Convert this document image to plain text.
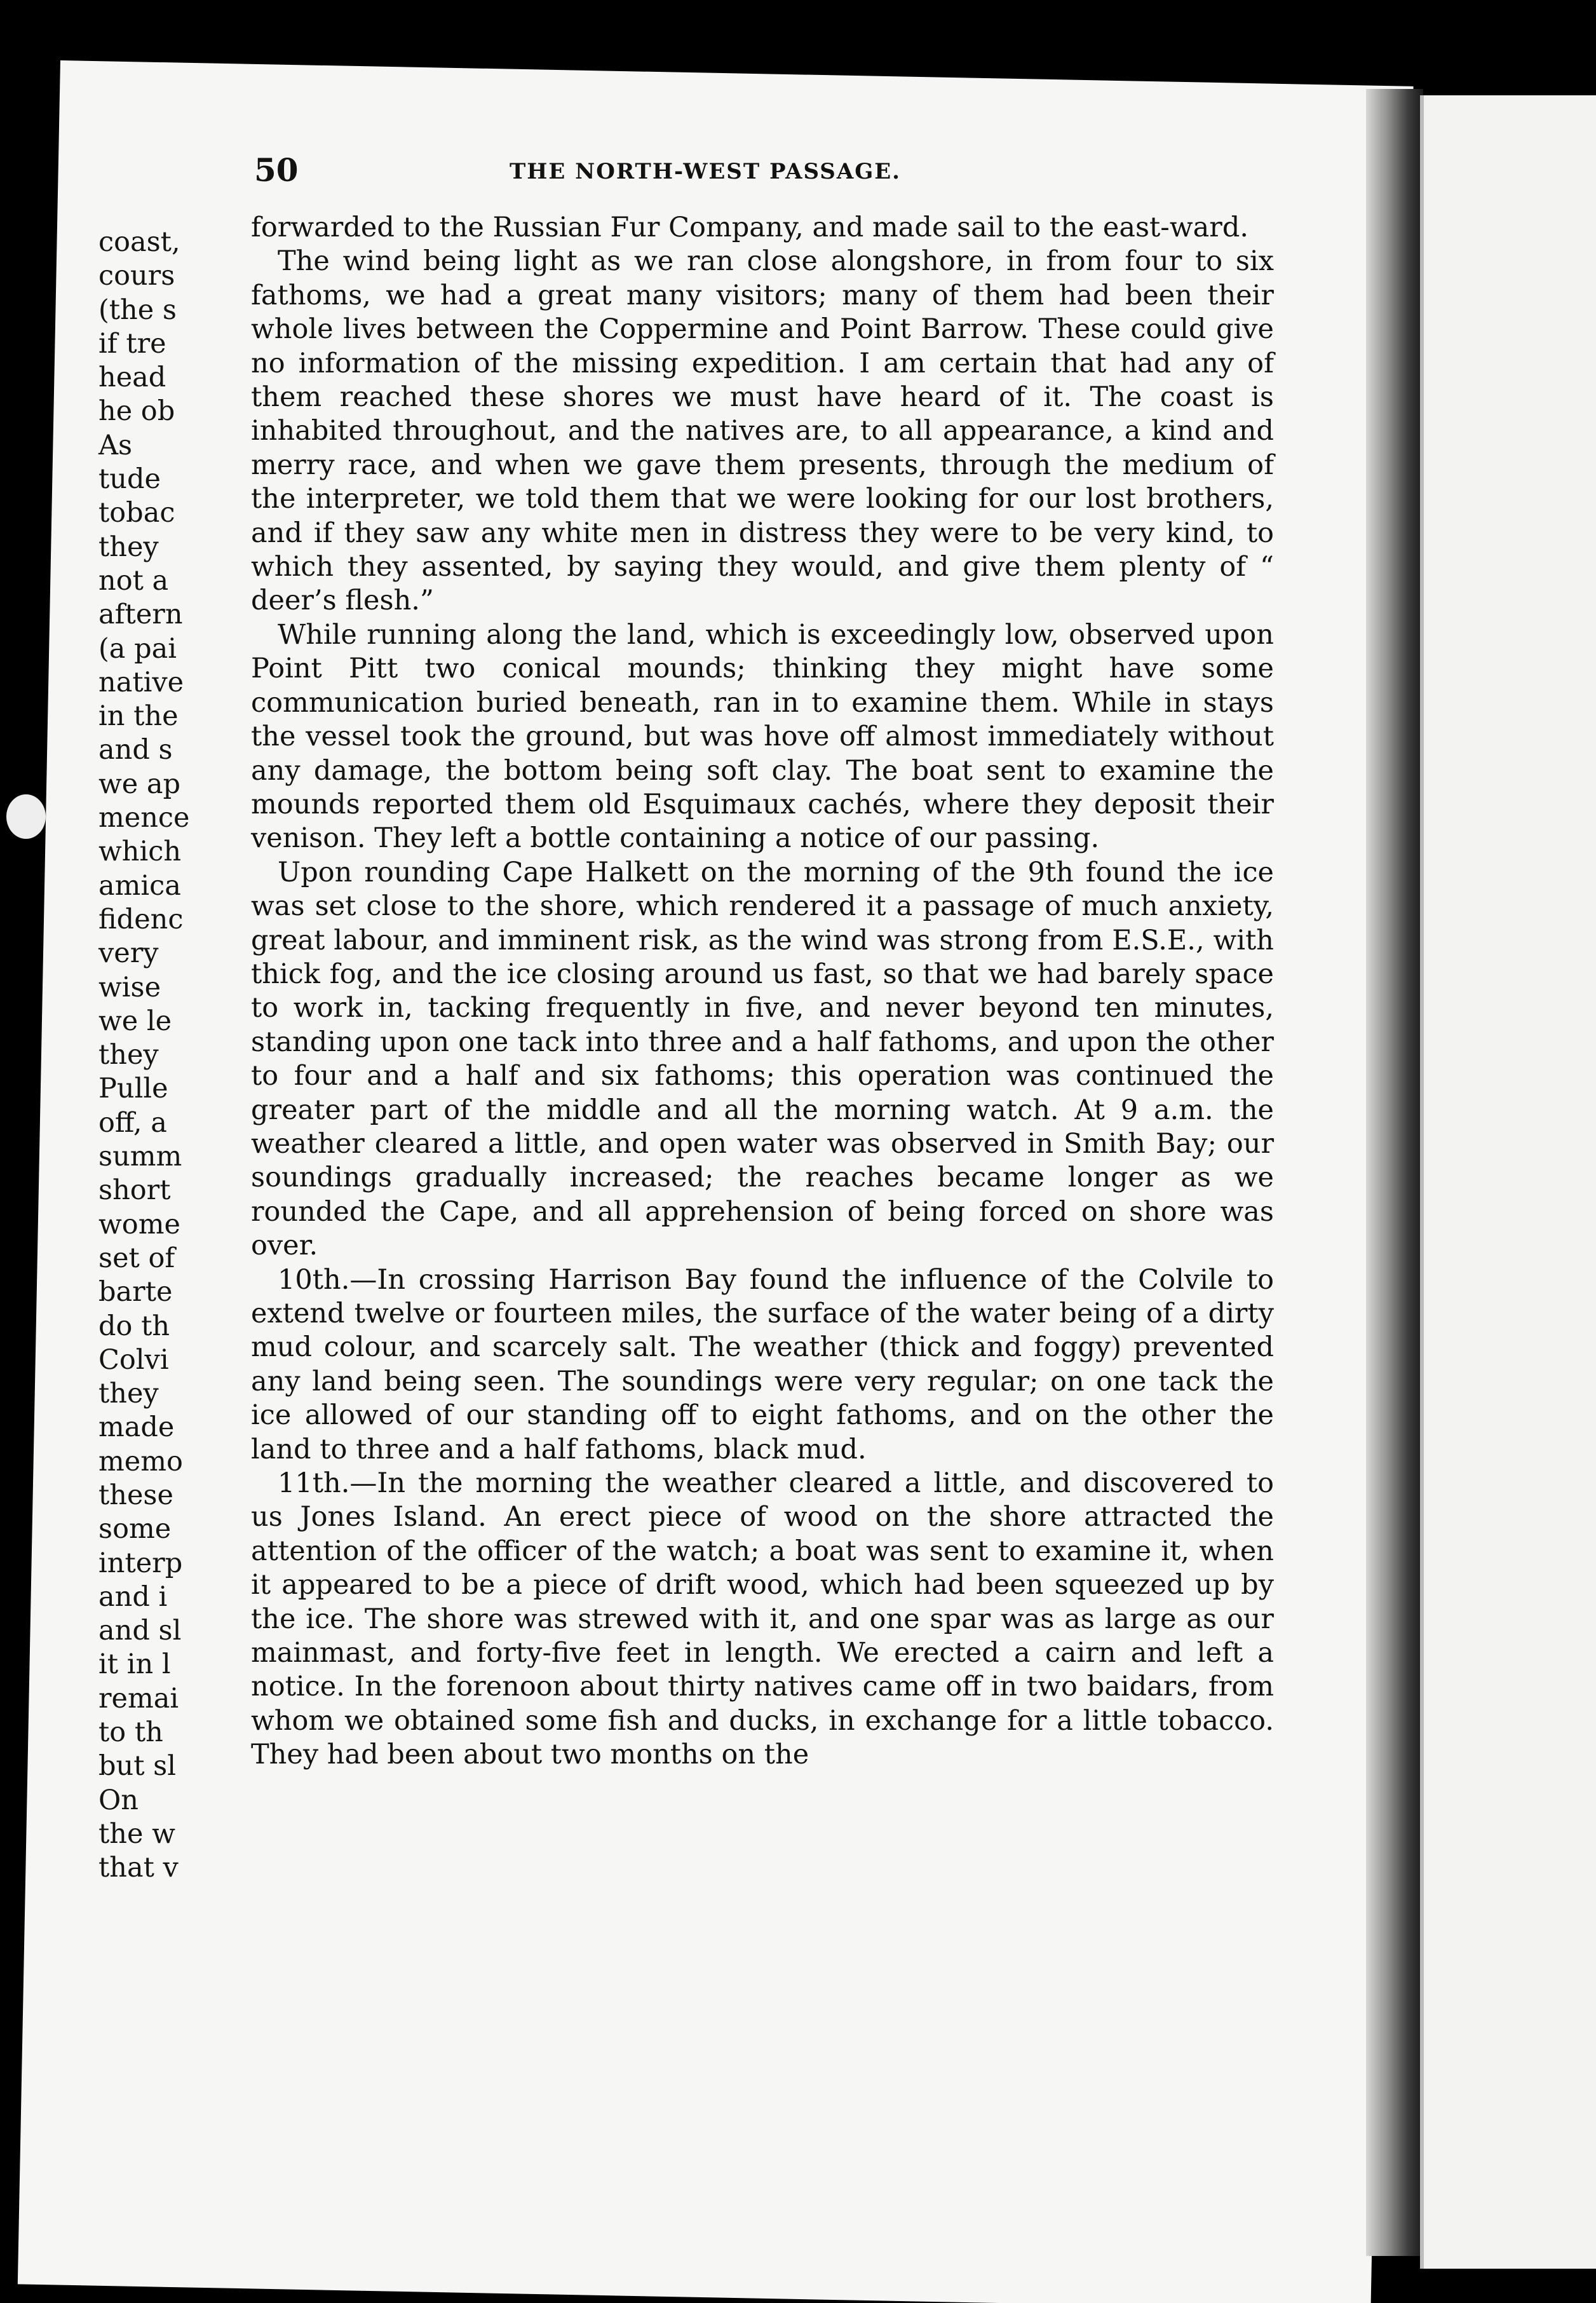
coast,
cours
(the s
if tre
head
he ob
As
tude
tobac
they
not a
aftern
(a pai
native
in the
and s
we ap
mence
which
amica
fidenc
very
wise
we le
they
Pulle
off, a
summ
short
wome
set of
barte
do th
Colvi
they
made
memo
these
some
interp
and i
and sl
it in l
remai
to th
but sl
On
the w
that v
50	THE NORTH-WEST PASSAGE.

forwarded to the Russian Fur Company, and made sail to the east-ward.

The wind being light as we ran close alongshore, in from four to six fathoms, we had a great many visitors; many of them had been their whole lives between the Coppermine and Point Barrow. These could give no information of the missing expedition. I am certain that had any of them reached these shores we must have heard of it. The coast is inhabited throughout, and the natives are, to all appearance, a kind and merry race, and when we gave them presents, through the medium of the interpreter, we told them that we were looking for our lost brothers, and if they saw any white men in distress they were to be very kind, to which they assented, by saying they would, and give them plenty of “ deer’s flesh.”

While running along the land, which is exceedingly low, observed upon Point Pitt two conical mounds; thinking they might have some communication buried beneath, ran in to examine them. While in stays the vessel took the ground, but was hove off almost immediately without any damage, the bottom being soft clay. The boat sent to examine the mounds reported them old Esquimaux cachés, where they deposit their venison. They left a bottle containing a notice of our passing.

Upon rounding Cape Halkett on the morning of the 9th found the ice was set close to the shore, which rendered it a passage of much anxiety, great labour, and imminent risk, as the wind was strong from E.S.E., with thick fog, and the ice closing around us fast, so that we had barely space to work in, tacking frequently in five, and never beyond ten minutes, standing upon one tack into three and a half fathoms, and upon the other to four and a half and six fathoms; this operation was continued the greater part of the middle and all the morning watch. At 9 a.m. the weather cleared a little, and open water was observed in Smith Bay; our soundings gradually increased; the reaches became longer as we rounded the Cape, and all apprehension of being forced on shore was over.

10th.—In crossing Harrison Bay found the influence of the Colvile to extend twelve or fourteen miles, the surface of the water being of a dirty mud colour, and scarcely salt. The weather (thick and foggy) prevented any land being seen. The soundings were very regular; on one tack the ice allowed of our standing off to eight fathoms, and on the other the land to three and a half fathoms, black mud.

11th.—In the morning the weather cleared a little, and discovered to us Jones Island. An erect piece of wood on the shore attracted the attention of the officer of the watch; a boat was sent to examine it, when it appeared to be a piece of drift wood, which had been squeezed up by the ice. The shore was strewed with it, and one spar was as large as our mainmast, and forty-five feet in length. We erected a cairn and left a notice. In the forenoon about thirty natives came off in two baidars, from whom we obtained some fish and ducks, in exchange for a little tobacco. They had been about two months on the
